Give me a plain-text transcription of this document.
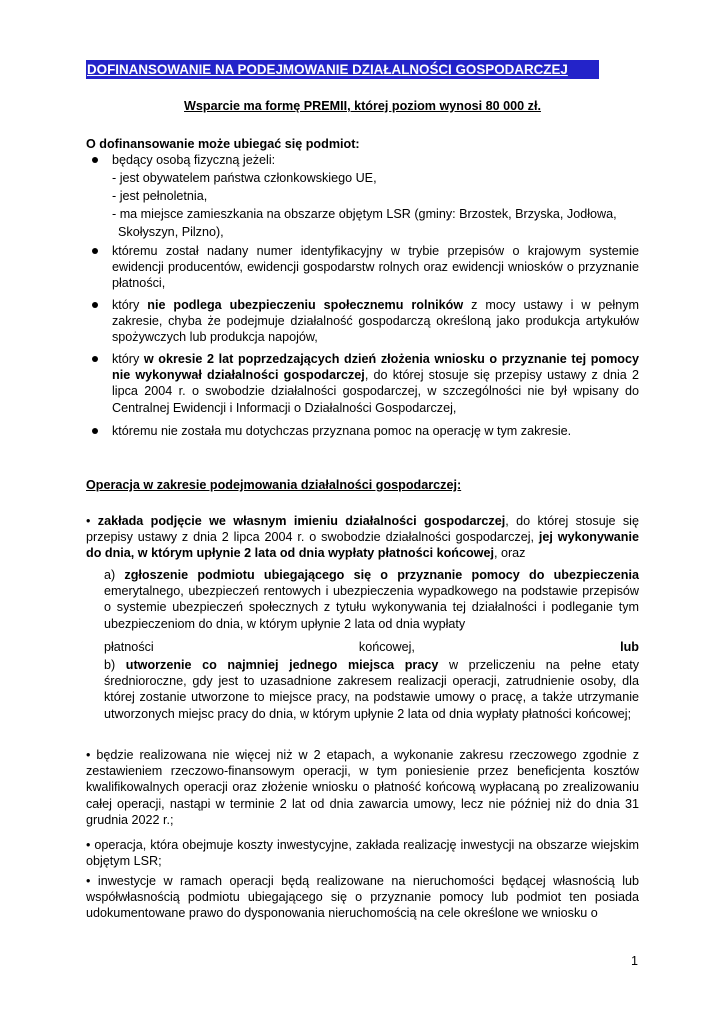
DOFINANSOWANIE NA PODEJMOWANIE DZIAŁALNOŚCI GOSPODARCZEJ
Wsparcie ma formę PREMII, której poziom wynosi 80 000 zł.
O dofinansowanie może ubiegać się podmiot:
będący osobą fizyczną jeżeli:
- jest obywatelem państwa członkowskiego UE,
- jest pełnoletnia,
- ma miejsce zamieszkania na obszarze objętym LSR (gminy: Brzostek, Brzyska, Jodłowa,
Skołyszyn, Pilzno),
któremu został nadany numer identyfikacyjny w trybie przepisów o krajowym systemie ewidencji producentów, ewidencji gospodarstw rolnych oraz ewidencji wniosków o przyznanie płatności,
który nie podlega ubezpieczeniu społecznemu rolników z mocy ustawy i w pełnym zakresie, chyba że podejmuje działalność gospodarczą określoną jako produkcja artykułów spożywczych lub produkcja napojów,
który w okresie 2 lat poprzedzających dzień złożenia wniosku o przyznanie tej pomocy nie wykonywał działalności gospodarczej, do której stosuje się przepisy ustawy z dnia 2 lipca 2004 r. o swobodzie działalności gospodarczej, w szczególności nie był wpisany do Centralnej Ewidencji i Informacji o Działalności Gospodarczej,
któremu nie została mu dotychczas przyznana pomoc na operację w tym zakresie.
Operacja w zakresie podejmowania działalności gospodarczej:
• zakłada podjęcie we własnym imieniu działalności gospodarczej, do której stosuje się przepisy ustawy z dnia 2 lipca 2004 r. o swobodzie działalności gospodarczej, jej wykonywanie do dnia, w którym upłynie 2 lata od dnia wypłaty płatności końcowej, oraz
a) zgłoszenie podmiotu ubiegającego się o przyznanie pomocy do ubezpieczenia emerytalnego, ubezpieczeń rentowych i ubezpieczenia wypadkowego na podstawie przepisów o systemie ubezpieczeń społecznych z tytułu wykonywania tej działalności i podleganie tym ubezpieczeniom do dnia, w którym upłynie 2 lata od dnia wypłaty
płatności	końcowej,	lub
b) utworzenie co najmniej jednego miejsca pracy w przeliczeniu na pełne etaty średnioroczne, gdy jest to uzasadnione zakresem realizacji operacji, zatrudnienie osoby, dla której zostanie utworzone to miejsce pracy, na podstawie umowy o pracę, a także utrzymanie utworzonych miejsc pracy do dnia, w którym upłynie 2 lata od dnia wypłaty płatności końcowej;
• będzie realizowana nie więcej niż w 2 etapach, a wykonanie zakresu rzeczowego zgodnie z zestawieniem rzeczowo-finansowym operacji, w tym poniesienie przez beneficjenta kosztów kwalifikowalnych operacji oraz złożenie wniosku o płatność końcową wypłacaną po zrealizowaniu całej operacji, nastąpi w terminie 2 lat od dnia zawarcia umowy, lecz nie później niż do dnia 31 grudnia 2022 r.;
• operacja, która obejmuje koszty inwestycyjne, zakłada realizację inwestycji na obszarze wiejskim objętym LSR;
• inwestycje w ramach operacji będą realizowane na nieruchomości będącej własnością lub współwłasnością podmiotu ubiegającego się o przyznanie pomocy lub podmiot ten posiada udokumentowane prawo do dysponowania nieruchomością na cele określone we wniosku o
1
